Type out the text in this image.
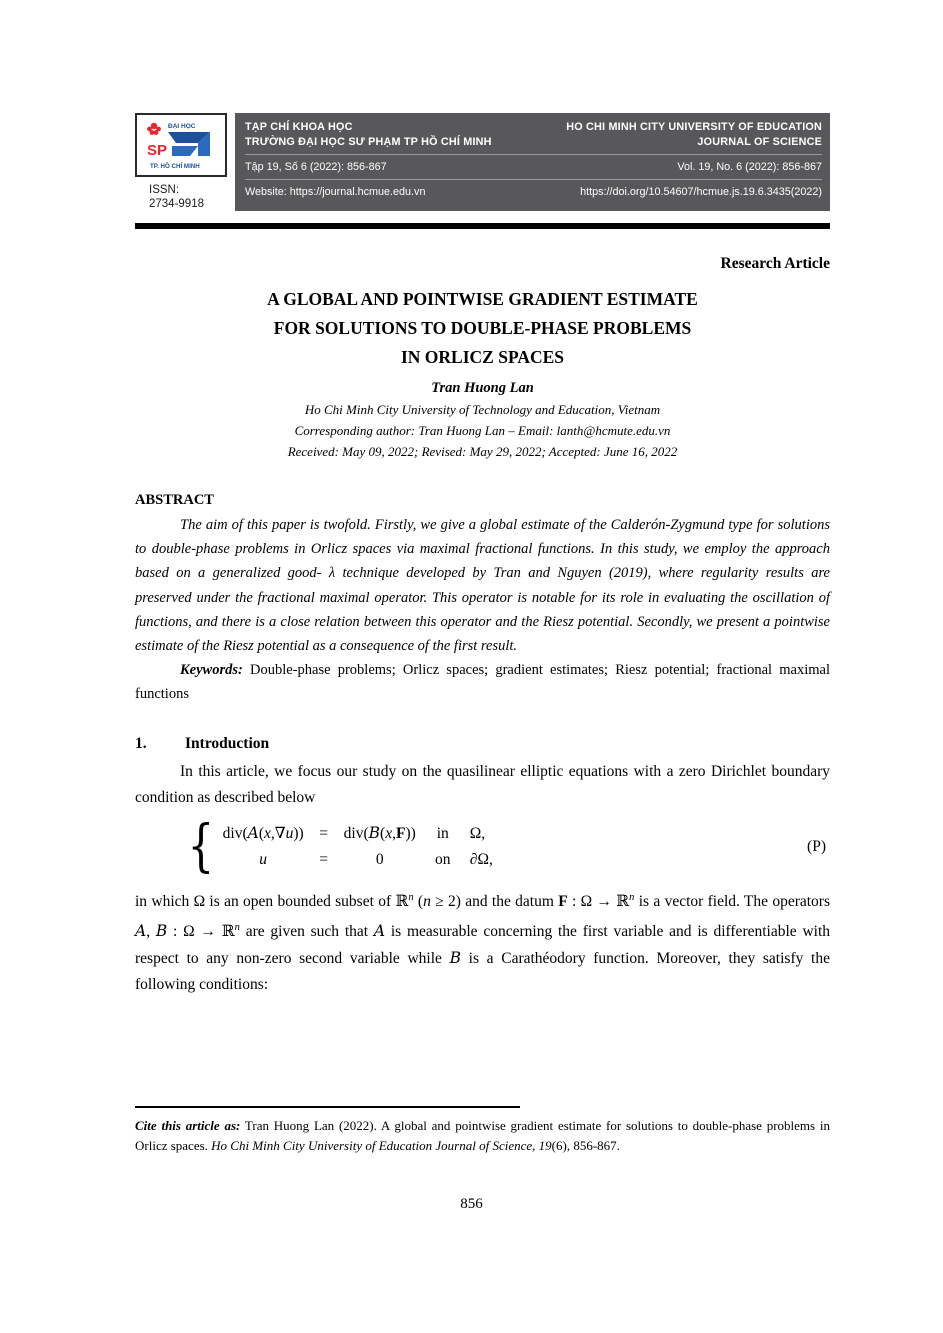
ĐẠI HỌC
SP
TP. HỒ CHÍ MINH
ISSN:
2734-9918
TẠP CHÍ KHOA HỌC
TRƯỜNG ĐẠI HỌC SƯ PHẠM TP HỒ CHÍ MINH
HO CHI MINH CITY UNIVERSITY OF EDUCATION
JOURNAL OF SCIENCE
Tập 19, Số 6 (2022): 856-867	Vol. 19, No. 6 (2022): 856-867
Website: https://journal.hcmue.edu.vn	https://doi.org/10.54607/hcmue.js.19.6.3435(2022)
Research Article
A GLOBAL AND POINTWISE GRADIENT ESTIMATE
FOR SOLUTIONS TO DOUBLE-PHASE PROBLEMS
IN ORLICZ SPACES
Tran Huong Lan
Ho Chi Minh City University of Technology and Education, Vietnam
Corresponding author: Tran Huong Lan – Email: lanth@hcmute.edu.vn
Received: May 09, 2022; Revised: May 29, 2022; Accepted: June 16, 2022
ABSTRACT
The aim of this paper is twofold. Firstly, we give a global estimate of the Calderón-Zygmund type for solutions to double-phase problems in Orlicz spaces via maximal fractional functions. In this study, we employ the approach based on a generalized good- λ technique developed by Tran and Nguyen (2019), where regularity results are preserved under the fractional maximal operator. This operator is notable for its role in evaluating the oscillation of functions, and there is a close relation between this operator and the Riesz potential. Secondly, we present a pointwise estimate of the Riesz potential as a consequence of the first result.
Keywords: Double-phase problems; Orlicz spaces; gradient estimates; Riesz potential; fractional maximal functions
1. Introduction
In this article, we focus our study on the quasilinear elliptic equations with a zero Dirichlet boundary condition as described below
{ div(A(x,∇u)) = div(B(x,F)) in Ω,
u	=	0	on ∂Ω,
(P)
in which Ω is an open bounded subset of ℝ$^n$ (n ≥ 2) and the datum F : Ω → ℝ$^n$ is a vector field. The operators A, B : Ω → ℝ$^n$ are given such that A is measurable concerning the first variable and is differentiable with respect to any non-zero second variable while B is a Carathéodory function. Moreover, they satisfy the following conditions:
Cite this article as: Tran Huong Lan (2022). A global and pointwise gradient estimate for solutions to double-phase problems in Orlicz spaces. Ho Chi Minh City University of Education Journal of Science, 19(6), 856-867.
856
